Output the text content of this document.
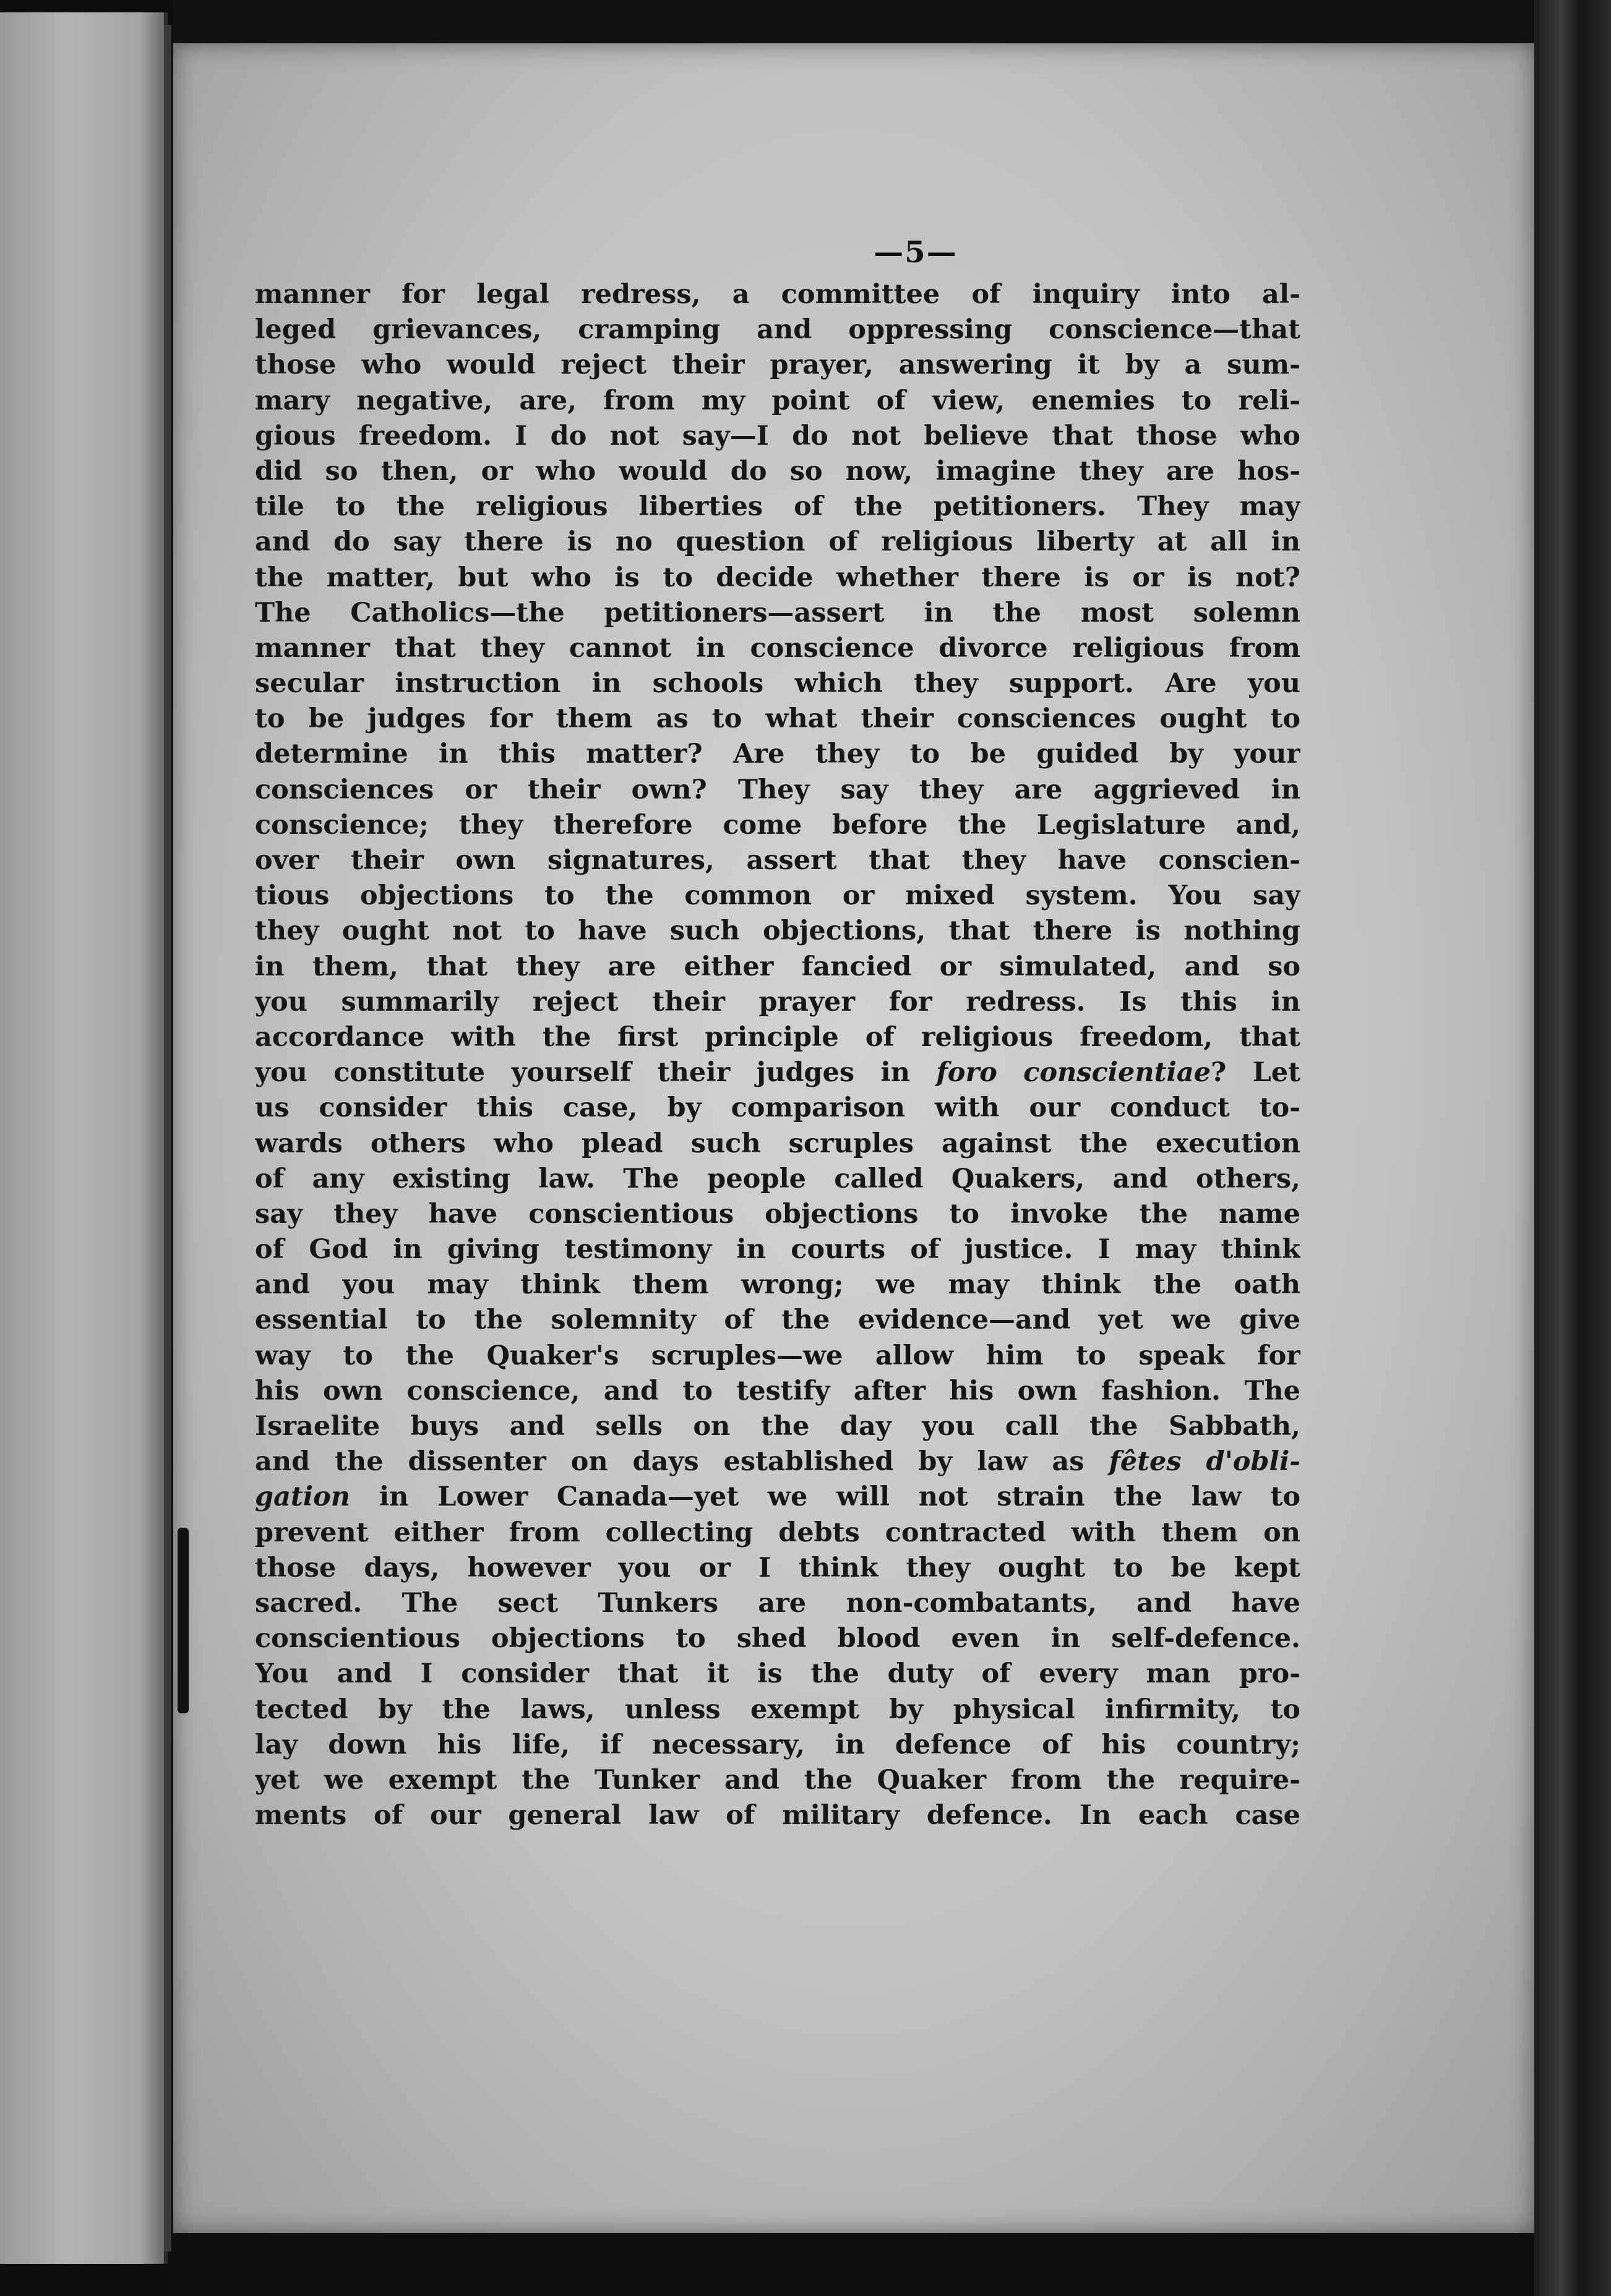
—5—
manner for legal redress, a committee of inquiry into al-
leged grievances, cramping and oppressing conscience—that
those who would reject their prayer, answering it by a sum-
mary negative, are, from my point of view, enemies to reli-
gious freedom. I do not say—I do not believe that those who
did so then, or who would do so now, imagine they are hos-
tile to the religious liberties of the petitioners. They may
and do say there is no question of religious liberty at all in
the matter, but who is to decide whether there is or is not?
The Catholics—the petitioners—assert in the most solemn
manner that they cannot in conscience divorce religious from
secular instruction in schools which they support. Are you
to be judges for them as to what their consciences ought to
determine in this matter? Are they to be guided by your
consciences or their own? They say they are aggrieved in
conscience; they therefore come before the Legislature and,
over their own signatures, assert that they have conscien-
tious objections to the common or mixed system. You say
they ought not to have such objections, that there is nothing
in them, that they are either fancied or simulated, and so
you summarily reject their prayer for redress. Is this in
accordance with the first principle of religious freedom, that
you constitute yourself their judges in foro conscientiae? Let
us consider this case, by comparison with our conduct to-
wards others who plead such scruples against the execution
of any existing law. The people called Quakers, and others,
say they have conscientious objections to invoke the name
of God in giving testimony in courts of justice. I may think
and you may think them wrong; we may think the oath
essential to the solemnity of the evidence—and yet we give
way to the Quaker's scruples—we allow him to speak for
his own conscience, and to testify after his own fashion. The
Israelite buys and sells on the day you call the Sabbath,
and the dissenter on days established by law as fêtes d'obli-
gation in Lower Canada—yet we will not strain the law to
prevent either from collecting debts contracted with them on
those days, however you or I think they ought to be kept
sacred. The sect Tunkers are non-combatants, and have
conscientious objections to shed blood even in self-defence.
You and I consider that it is the duty of every man pro-
tected by the laws, unless exempt by physical infirmity, to
lay down his life, if necessary, in defence of his country;
yet we exempt the Tunker and the Quaker from the require-
ments of our general law of military defence. In each case
